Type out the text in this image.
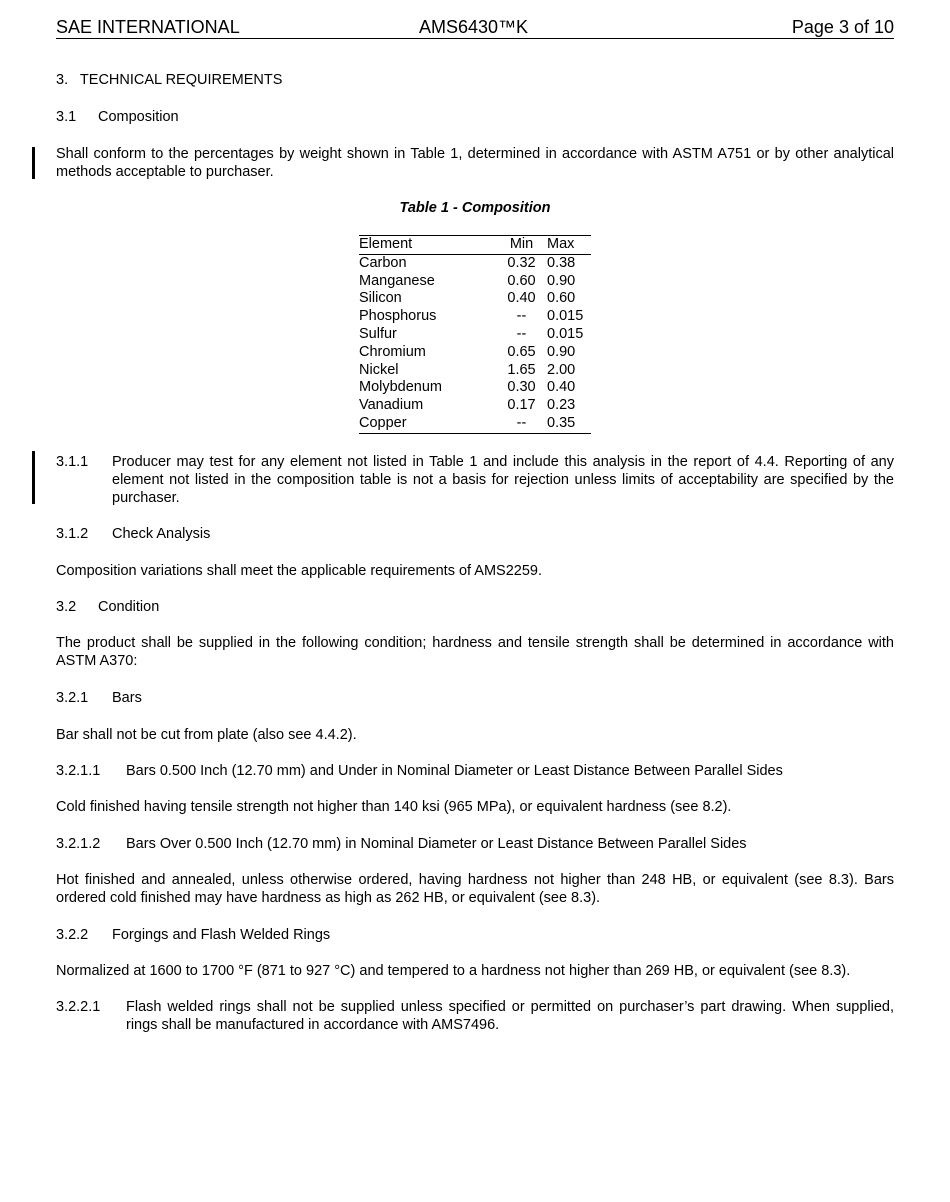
SAE INTERNATIONAL	AMS6430™K	Page 3 of 10
3. TECHNICAL REQUIREMENTS
3.1 Composition
Shall conform to the percentages by weight shown in Table 1, determined in accordance with ASTM A751 or by other analytical methods acceptable to purchaser.
Table 1 - Composition
Element	Min	Max
Carbon	0.32	0.38
Manganese	0.60	0.90
Silicon	0.40	0.60
Phosphorus	--	0.015
Sulfur	--	0.015
Chromium	0.65	0.90
Nickel	1.65	2.00
Molybdenum	0.30	0.40
Vanadium	0.17	0.23
Copper	--	0.35
3.1.1 Producer may test for any element not listed in Table 1 and include this analysis in the report of 4.4. Reporting of any element not listed in the composition table is not a basis for rejection unless limits of acceptability are specified by the purchaser.
3.1.2 Check Analysis
Composition variations shall meet the applicable requirements of AMS2259.
3.2 Condition
The product shall be supplied in the following condition; hardness and tensile strength shall be determined in accordance with ASTM A370:
3.2.1 Bars
Bar shall not be cut from plate (also see 4.4.2).
3.2.1.1 Bars 0.500 Inch (12.70 mm) and Under in Nominal Diameter or Least Distance Between Parallel Sides
Cold finished having tensile strength not higher than 140 ksi (965 MPa), or equivalent hardness (see 8.2).
3.2.1.2 Bars Over 0.500 Inch (12.70 mm) in Nominal Diameter or Least Distance Between Parallel Sides
Hot finished and annealed, unless otherwise ordered, having hardness not higher than 248 HB, or equivalent (see 8.3). Bars ordered cold finished may have hardness as high as 262 HB, or equivalent (see 8.3).
3.2.2 Forgings and Flash Welded Rings
Normalized at 1600 to 1700 °F (871 to 927 °C) and tempered to a hardness not higher than 269 HB, or equivalent (see 8.3).
3.2.2.1 Flash welded rings shall not be supplied unless specified or permitted on purchaser’s part drawing. When supplied, rings shall be manufactured in accordance with AMS7496.
